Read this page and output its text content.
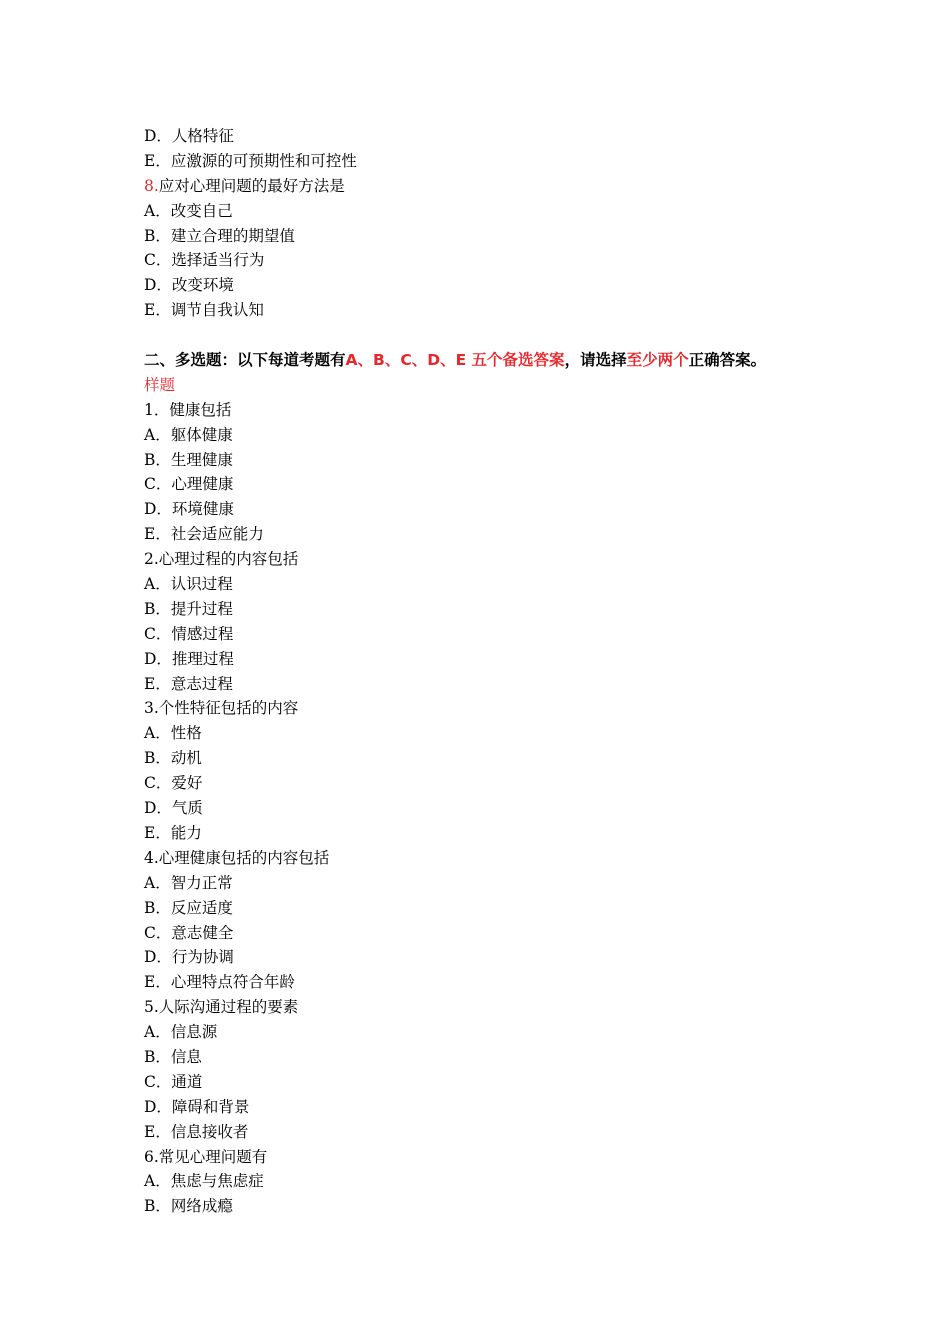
D．人格特征
E．应激源的可预期性和可控性
8.应对心理问题的最好方法是
A．改变自己
B．建立合理的期望值
C．选择适当行为
D．改变环境
E．调节自我认知
二、多选题：以下每道考题有A、B、C、D、E 五个备选答案，请选择至少两个正确答案。
样题
1．健康包括
A．躯体健康
B．生理健康
C．心理健康
D．环境健康
E．社会适应能力
2.心理过程的内容包括
A．认识过程
B．提升过程
C．情感过程
D．推理过程
E．意志过程
3.个性特征包括的内容
A．性格
B．动机
C．爱好
D．气质
E．能力
4.心理健康包括的内容包括
A．智力正常
B．反应适度
C．意志健全
D．行为协调
E．心理特点符合年龄
5.人际沟通过程的要素
A．信息源
B．信息
C．通道
D．障碍和背景
E．信息接收者
6.常见心理问题有
A．焦虑与焦虑症
B．网络成瘾
